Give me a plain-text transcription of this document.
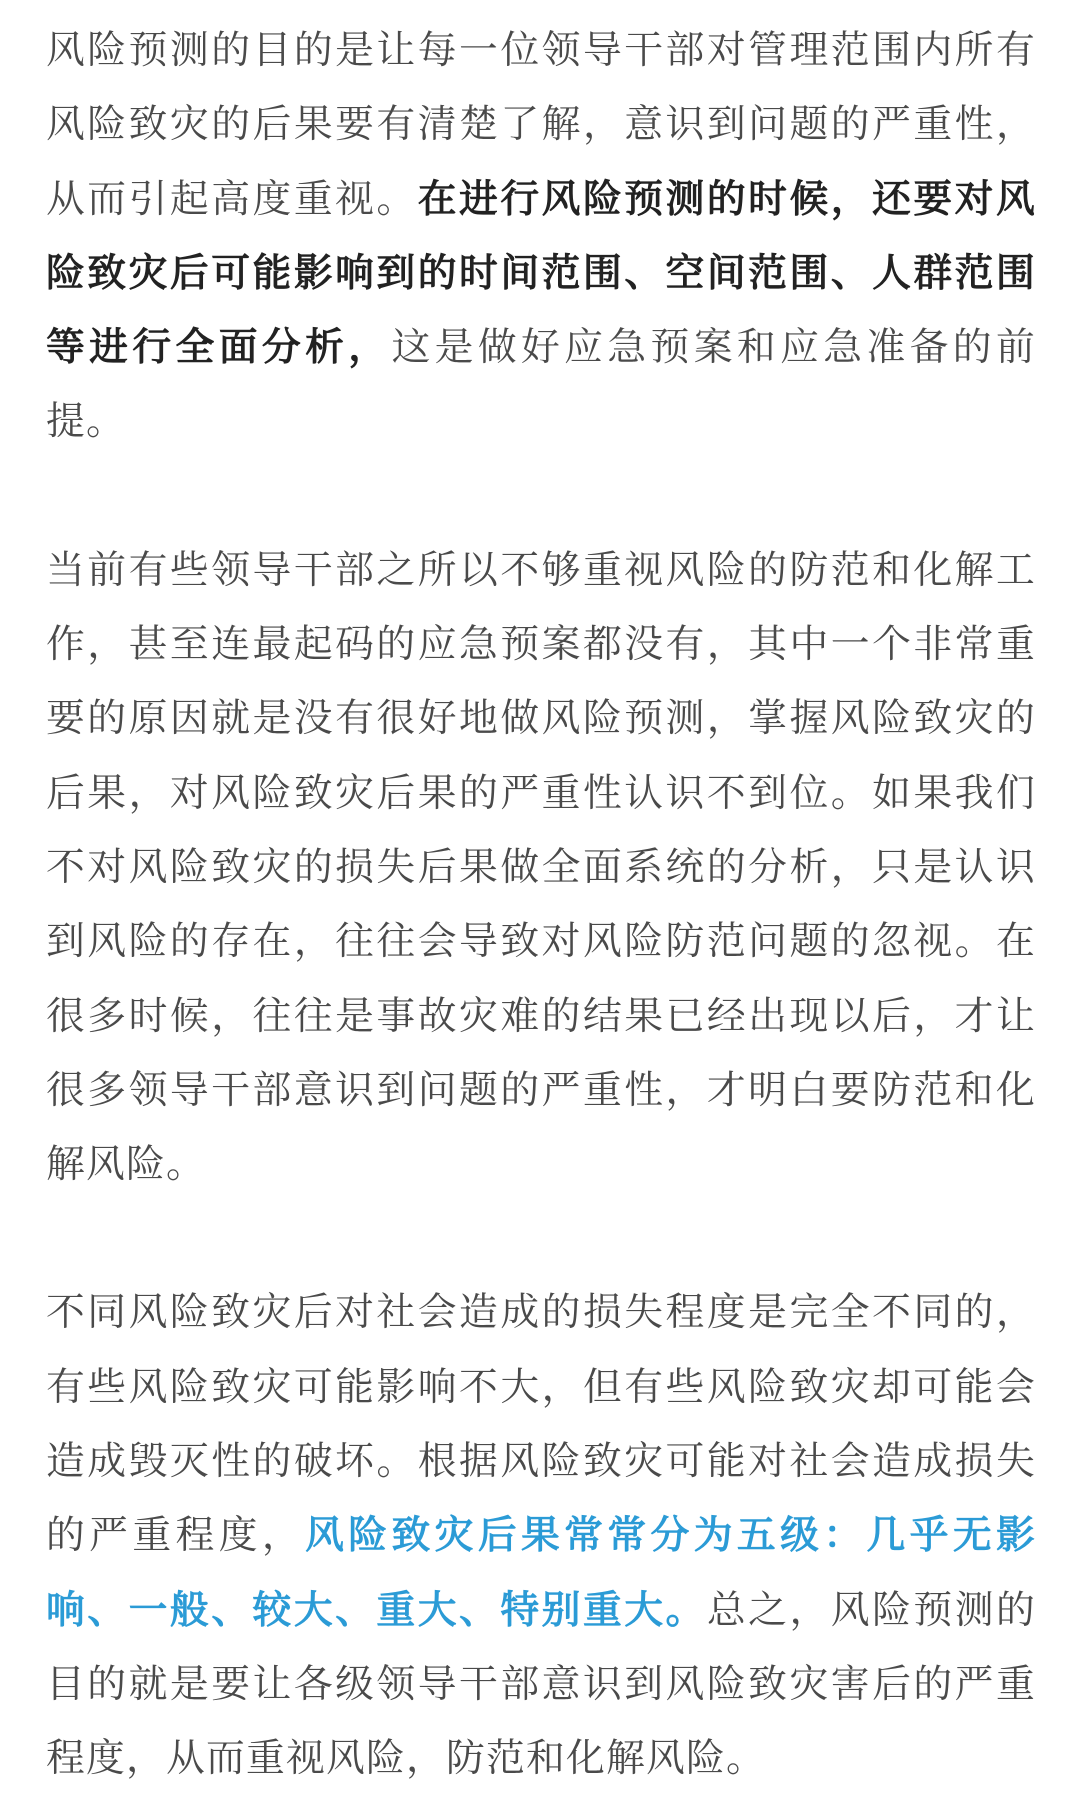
风险预测的目的是让每一位领导干部对管理范围内所有风险致灾的后果要有清楚了解，意识到问题的严重性，从而引起高度重视。在进行风险预测的时候，还要对风险致灾后可能影响到的时间范围、空间范围、人群范围等进行全面分析，这是做好应急预案和应急准备的前提。

当前有些领导干部之所以不够重视风险的防范和化解工作，甚至连最起码的应急预案都没有，其中一个非常重要的原因就是没有很好地做风险预测，掌握风险致灾的后果，对风险致灾后果的严重性认识不到位。如果我们不对风险致灾的损失后果做全面系统的分析，只是认识到风险的存在，往往会导致对风险防范问题的忽视。在很多时候，往往是事故灾难的结果已经出现以后，才让很多领导干部意识到问题的严重性，才明白要防范和化解风险。

不同风险致灾后对社会造成的损失程度是完全不同的，有些风险致灾可能影响不大，但有些风险致灾却可能会造成毁灭性的破坏。根据风险致灾可能对社会造成损失的严重程度，风险致灾后果常常分为五级：几乎无影响、一般、较大、重大、特别重大。总之，风险预测的目的就是要让各级领导干部意识到风险致灾害后的严重程度，从而重视风险，防范和化解风险。
